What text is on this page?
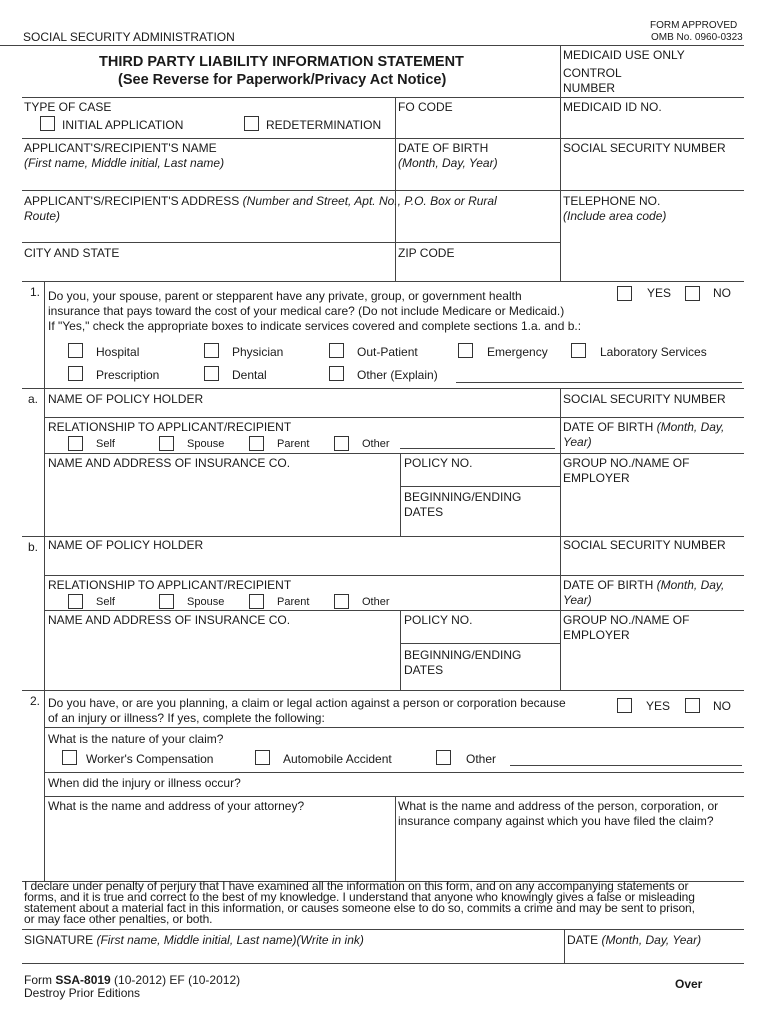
SOCIAL SECURITY ADMINISTRATION
FORM APPROVED
OMB No. 0960-0323
THIRD PARTY LIABILITY INFORMATION STATEMENT
(See Reverse for Paperwork/Privacy Act Notice)
MEDICAID USE ONLY
CONTROL
NUMBER
TYPE OF CASE
INITIAL APPLICATION	REDETERMINATION
FO CODE	MEDICAID ID NO.
APPLICANT'S/RECIPIENT'S NAME
(First name, Middle initial, Last name)
DATE OF BIRTH
(Month, Day, Year)
SOCIAL SECURITY NUMBER
APPLICANT'S/RECIPIENT'S ADDRESS (Number and Street, Apt. No., P.O. Box or Rural
Route)
TELEPHONE NO.
(Include area code)
CITY AND STATE	ZIP CODE
1. Do you, your spouse, parent or stepparent have any private, group, or government health
insurance that pays toward the cost of your medical care? (Do not include Medicare or Medicaid.)
If "Yes," check the appropriate boxes to indicate services covered and complete sections 1.a. and b.:
YES	NO
Hospital	Physician	Out-Patient	Emergency	Laboratory Services
Prescription	Dental	Other (Explain)
a. NAME OF POLICY HOLDER	SOCIAL SECURITY NUMBER
RELATIONSHIP TO APPLICANT/RECIPIENT
Self	Spouse	Parent	Other
DATE OF BIRTH (Month, Day,
Year)
NAME AND ADDRESS OF INSURANCE CO.	POLICY NO.	GROUP NO./NAME OF
EMPLOYER
BEGINNING/ENDING
DATES
b. NAME OF POLICY HOLDER	SOCIAL SECURITY NUMBER
RELATIONSHIP TO APPLICANT/RECIPIENT
Self	Spouse	Parent	Other
DATE OF BIRTH (Month, Day,
Year)
NAME AND ADDRESS OF INSURANCE CO.	POLICY NO.	GROUP NO./NAME OF
EMPLOYER
BEGINNING/ENDING
DATES
2. Do you have, or are you planning, a claim or legal action against a person or corporation because
of an injury or illness? If yes, complete the following:
YES	NO
What is the nature of your claim?
Worker's Compensation	Automobile Accident	Other
When did the injury or illness occur?
What is the name and address of your attorney?	What is the name and address of the person, corporation, or
insurance company against which you have filed the claim?
I declare under penalty of perjury that I have examined all the information on this form, and on any accompanying statements or
forms, and it is true and correct to the best of my knowledge. I understand that anyone who knowingly gives a false or misleading
statement about a material fact in this information, or causes someone else to do so, commits a crime and may be sent to prison,
or may face other penalties, or both.
SIGNATURE (First name, Middle initial, Last name)(Write in ink)	DATE (Month, Day, Year)
Form SSA-8019 (10-2012) EF (10-2012)
Destroy Prior Editions
Over
